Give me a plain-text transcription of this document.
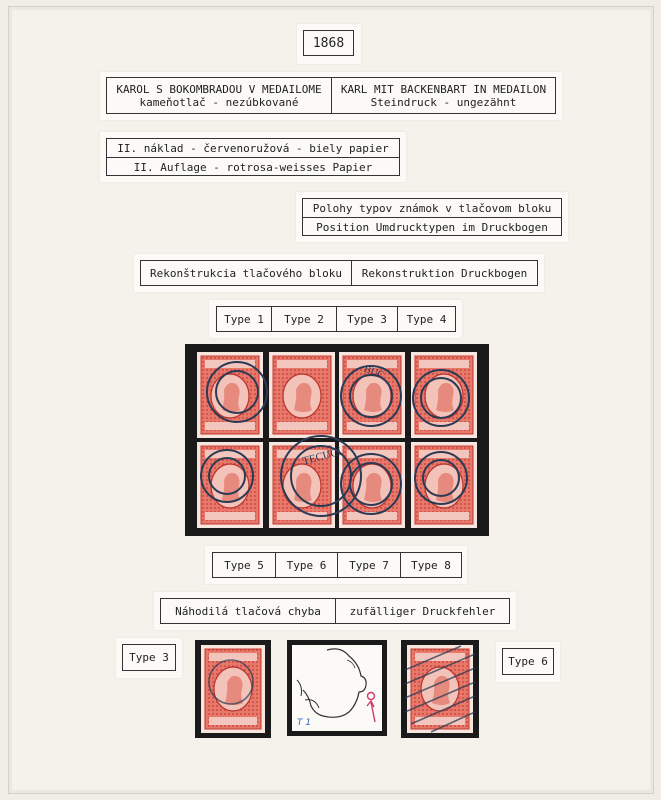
1868
KAROL S BOKOMBRADOU V MEDAILOME
kameňotlač - nezúbkované
KARL MIT BACKENBART IN MEDAILON
Steindruck - ungezähnt
II. náklad - červenoružová - biely papier
II. Auflage - rotrosa-weisses Papier
Polohy typov známok v tlačovom bloku
Position Umdrucktypen im Druckbogen
Rekonštrukcia tlačového bloku	Rekonstruktion Druckbogen
Type 1	Type 2	Type 3	Type 4
TECUCI
BUC
Type 5	Type 6	Type 7	Type 8
Náhodilá tlačová chyba	zufälliger Druckfehler
Type 3
T 1
Type 6
